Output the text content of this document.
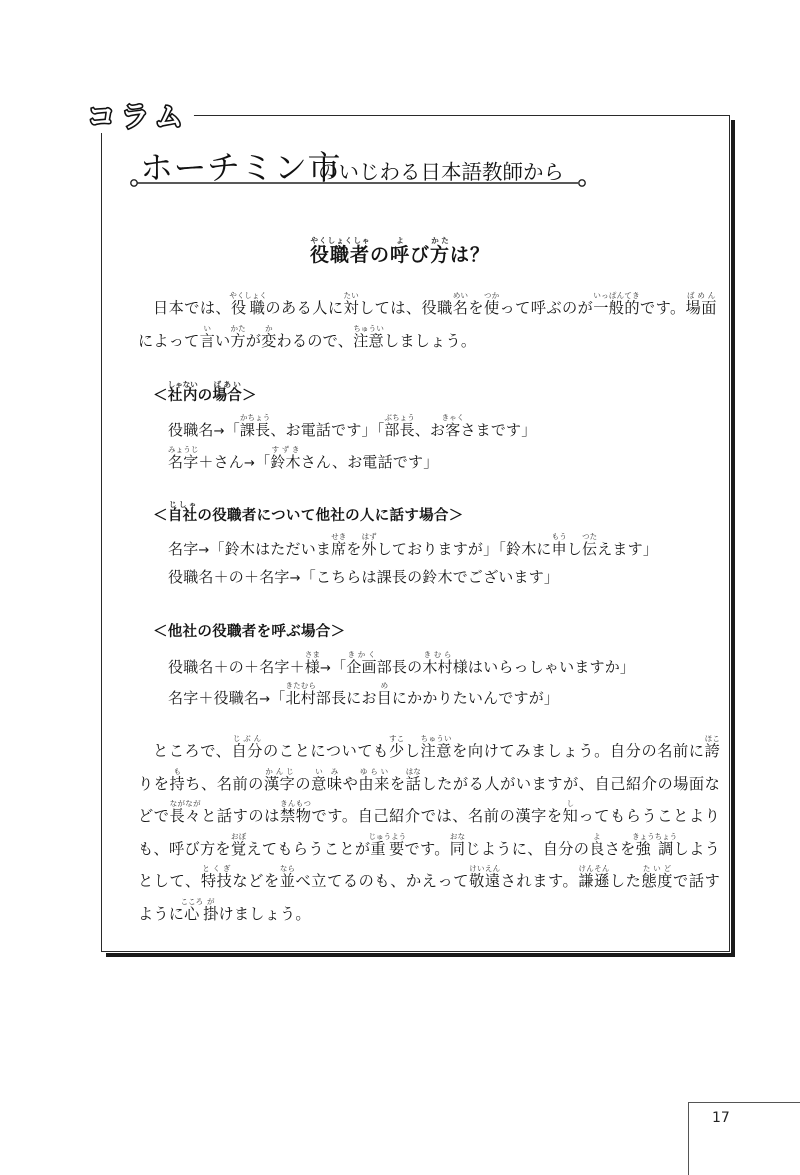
コラム
ホーチミン市
のいじわる日本語教師から
役職者やくしょくしゃの呼よび方かたは？
日本では、役職やくしょくのある人に対たいしては、役職名めいを使つかって呼ぶのが一般的いっぱんてきです。場面ばめんによって言いい方かたが変かわるので、注意ちゅういしましょう。
＜社内しゃないの場合ばあい＞
役職名→「課長かちょう、お電話です」「部長ぶちょう、お客きゃくさまです」
名字みょうじ＋さん→「鈴木すずきさん、お電話です」
＜自社じしゃの役職者について他社の人に話す場合＞
名字→「鈴木はただいま席せきを外はずしておりますが」「鈴木に申もうし伝つたえます」
役職名＋の＋名字→「こちらは課長の鈴木でございます」
＜他社の役職者を呼ぶ場合＞
役職名＋の＋名字＋様さま→「企画きかく部長の木村きむら様はいらっしゃいますか」
名字＋役職名→「北村きたむら部長にお目めにかかりたいんですが」
ところで、自分じぶんのことについても少すこし注意ちゅういを向けてみましょう。自分の名前に誇ほこりを持もち、名前の漢字かんじの意味いみや由来ゆらいを話はなしたがる人がいますが、自己紹介の場面などで長々ながながと話すのは禁物きんもつです。自己紹介では、名前の漢字を知しってもらうことよりも、呼び方を覚おぼえてもらうことが重要じゅうようです。同おなじように、自分の良よさを強調きょうちょうしようとして、特技とくぎなどを並ならべ立てるのも、かえって敬遠けいえんされます。謙遜けんそんした態度たいどで話すように心こころ掛がけましょう。
17
